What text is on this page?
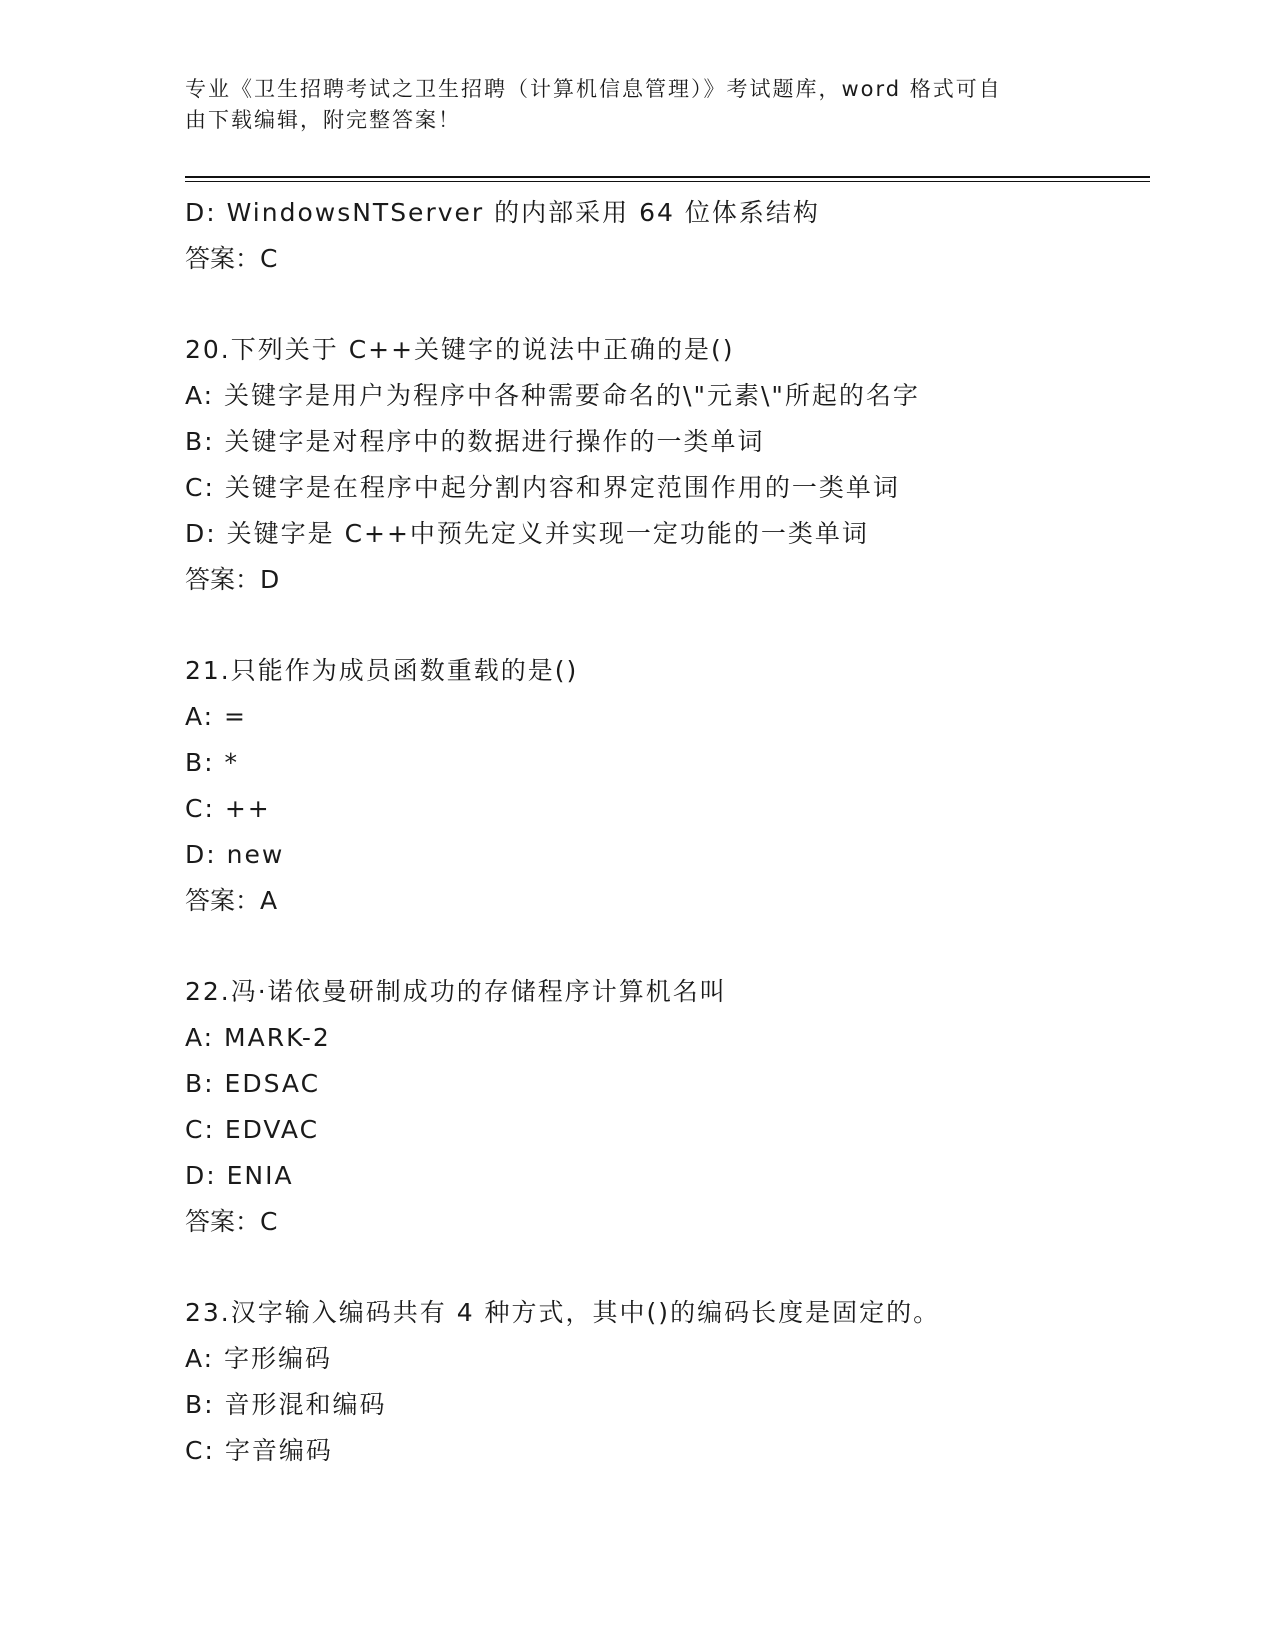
专业《卫生招聘考试之卫生招聘（计算机信息管理）》考试题库，word 格式可自
由下载编辑，附完整答案！
D: WindowsNTServer 的内部采用 64 位体系结构
答案：C
20.下列关于 C++关键字的说法中正确的是()
A: 关键字是用户为程序中各种需要命名的\"元素\"所起的名字
B: 关键字是对程序中的数据进行操作的一类单词
C: 关键字是在程序中起分割内容和界定范围作用的一类单词
D: 关键字是 C++中预先定义并实现一定功能的一类单词
答案：D
21.只能作为成员函数重载的是()
A: =
B: *
C: ++
D: new
答案：A
22.冯·诺依曼研制成功的存储程序计算机名叫
A: MARK-2
B: EDSAC
C: EDVAC
D: ENIA
答案：C
23.汉字输入编码共有 4 种方式，其中()的编码长度是固定的。
A: 字形编码
B: 音形混和编码
C: 字音编码
